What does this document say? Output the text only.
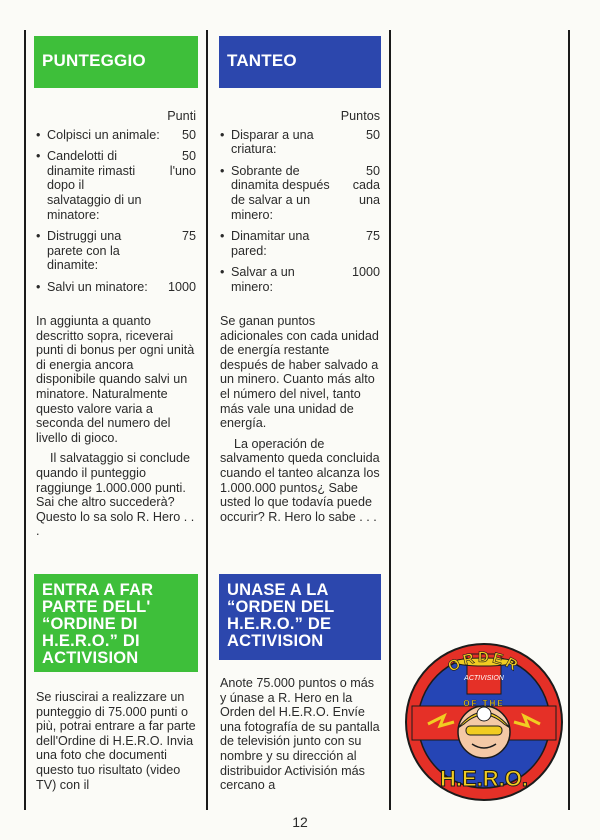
PUNTEGGIO
Punti
• Colpisci un animale:	50
• Candelotti di dinamite rimasti dopo il salvataggio di un minatore:
50 l'uno
• Distruggi una parete con la dinamite:
75
• Salvi un minatore:	1000

In aggiunta a quanto descritto sopra, riceverai punti di bonus per ogni unità di energia ancora disponibile quando salvi un minatore. Naturalmente questo valore varia a seconda del numero del livello di gioco.

Il salvataggio si conclude quando il punteggio raggiunge 1.000.000 punti. Sai che altro succederà? Questo lo sa solo R. Hero . . .

ENTRA A FAR PARTE DELL' “ORDINE DI H.E.R.O.” DI ACTIVISION

Se riuscirai a realizzare un punteggio di 75.000 punti o più, potrai entrare a far parte dell'Ordine di H.E.R.O. Invia una foto che documenti questo tuo risultato (video TV) con il

TANTEO
Puntos
• Disparar a una criatura:
50
• Sobrante de dinamita después de salvar a un minero:
50 cada una
• Dinamitar una pared:
75
• Salvar a un minero:
1000

Se ganan puntos adicionales con cada unidad de energía restante después de haber salvado a un minero. Cuanto más alto el número del nivel, tanto más vale una unidad de energía.

La operación de salvamento queda concluida cuando el tanteo alcanza los 1.000.000 puntos¿ Sabe usted lo que todavía puede occurir? R. Hero lo sabe . . .

UNASE A LA “ORDEN DEL H.E.R.O.” DE ACTIVISION

Anote 75.000 puntos o más y únase a R. Hero en la Orden del H.E.R.O. Envíe una fotografía de su pantalla de televisión junto con su nombre y su dirección al distribuidor Activisión más cercano a

ACTIVISION
ORDER
OF THE
H.E.R.O.
12
